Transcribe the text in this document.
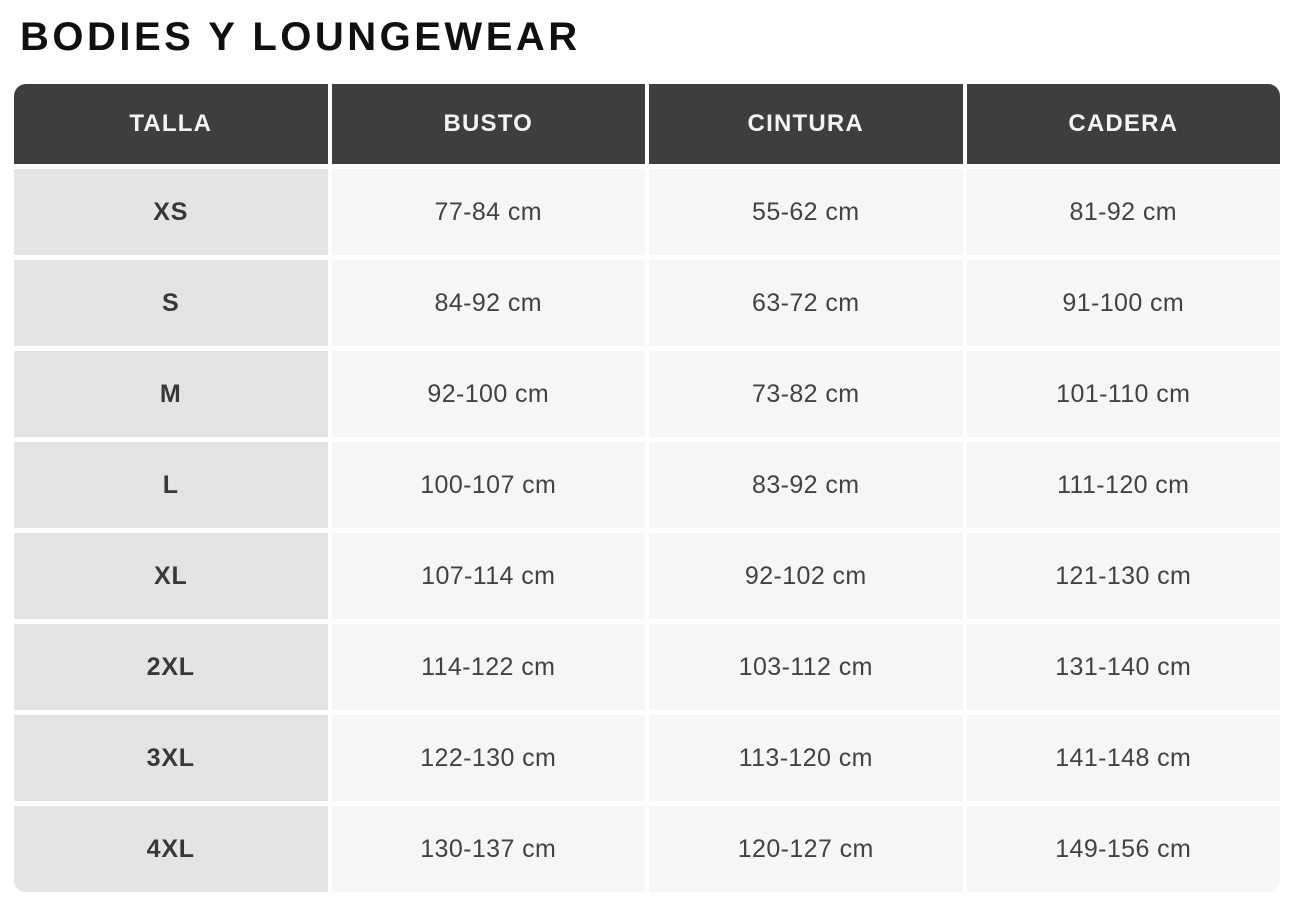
BODIES Y LOUNGEWEAR
TALLA	BUSTO	CINTURA	CADERA
XS	77-84 cm	55-62 cm	81-92 cm
S	84-92 cm	63-72 cm	91-100 cm
M	92-100 cm	73-82 cm	101-110 cm
L	100-107 cm	83-92 cm	111-120 cm
XL	107-114 cm	92-102 cm	121-130 cm
2XL	114-122 cm	103-112 cm	131-140 cm
3XL	122-130 cm	113-120 cm	141-148 cm
4XL	130-137 cm	120-127 cm	149-156 cm
